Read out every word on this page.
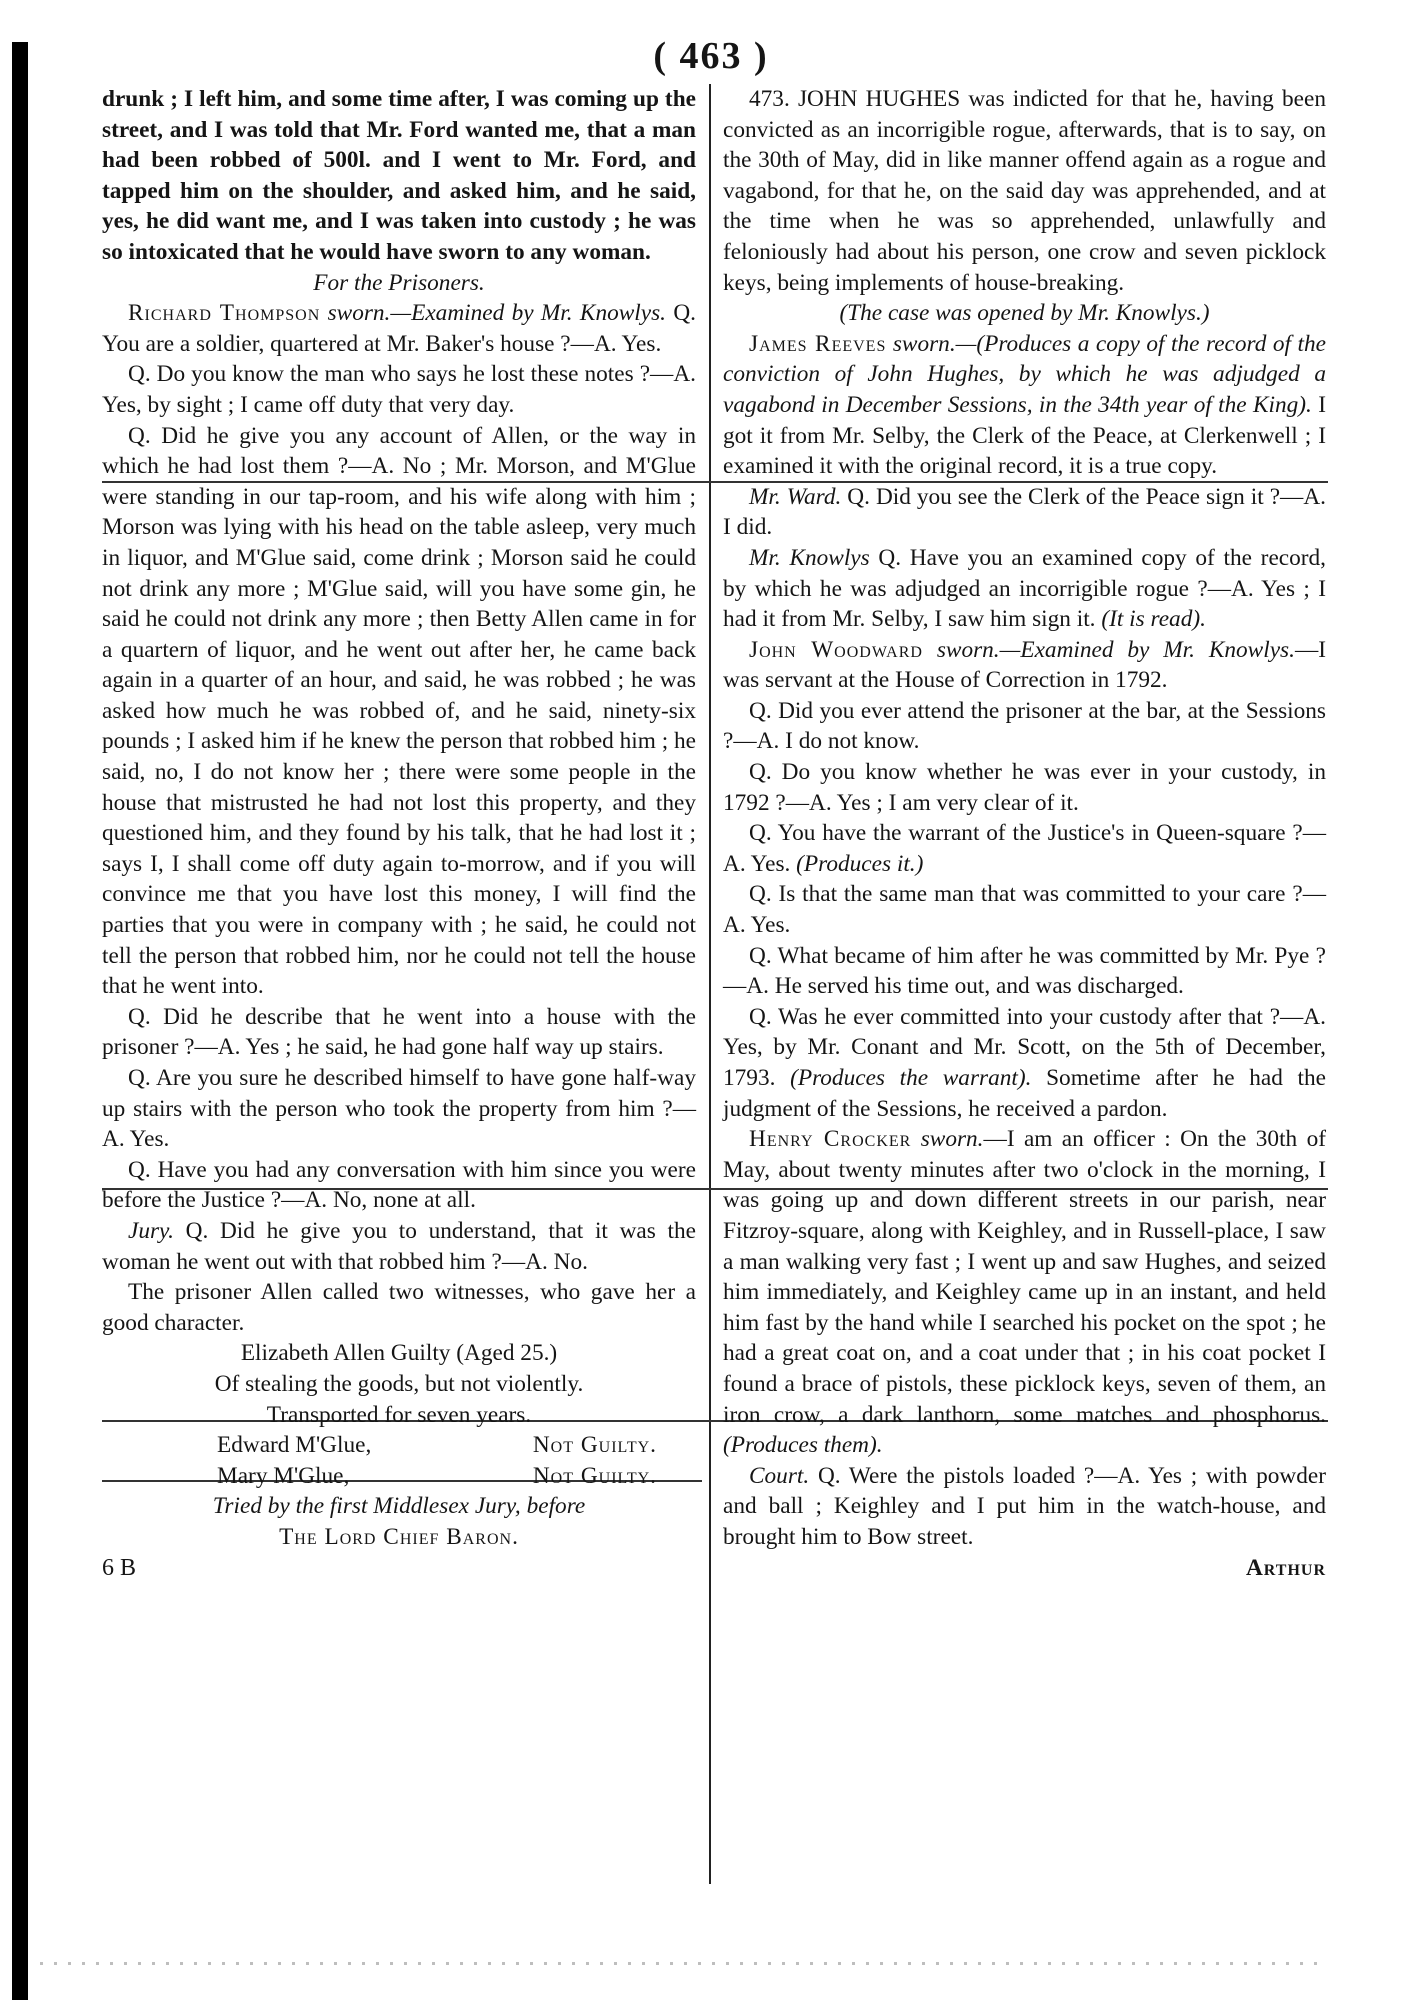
( 463 )

drunk ; I left him, and some time after, I was coming up the street, and I was told that Mr. Ford wanted me, that a man had been robbed of 500l. and I went to Mr. Ford, and tapped him on the shoulder, and asked him, and he said, yes, he did want me, and I was taken into custody ; he was so intoxicated that he would have sworn to any woman.

For the Prisoners.

Richard Thompson sworn.—Examined by Mr. Knowlys. Q. You are a soldier, quartered at Mr. Baker's house ?—A. Yes.

Q. Do you know the man who says he lost these notes ?—A. Yes, by sight ; I came off duty that very day.

Q. Did he give you any account of Allen, or the way in which he had lost them ?—A. No ; Mr. Morson, and M'Glue were standing in our tap-room, and his wife along with him ; Morson was lying with his head on the table asleep, very much in liquor, and M'Glue said, come drink ; Morson said he could not drink any more ; M'Glue said, will you have some gin, he said he could not drink any more ; then Betty Allen came in for a quartern of liquor, and he went out after her, he came back again in a quarter of an hour, and said, he was robbed ; he was asked how much he was robbed of, and he said, ninety-six pounds ; I asked him if he knew the person that robbed him ; he said, no, I do not know her ; there were some people in the house that mistrusted he had not lost this property, and they questioned him, and they found by his talk, that he had lost it ; says I, I shall come off duty again to-morrow, and if you will convince me that you have lost this money, I will find the parties that you were in company with ; he said, he could not tell the person that robbed him, nor he could not tell the house that he went into.

Q. Did he describe that he went into a house with the prisoner ?—A. Yes ; he said, he had gone half way up stairs.

Q. Are you sure he described himself to have gone half-way up stairs with the person who took the property from him ?—A. Yes.

Q. Have you had any conversation with him since you were before the Justice ?—A. No, none at all.

Jury. Q. Did he give you to understand, that it was the woman he went out with that robbed him ?—A. No.

The prisoner Allen called two witnesses, who gave her a good character.

Elizabeth Allen Guilty (Aged 25.)

Of stealing the goods, but not violently.

Transported for seven years.

Edward M'Glue,	Not Guilty.
Mary M'Glue,	Not Guilty.

Tried by the first Middlesex Jury, before

The Lord Chief Baron.

6 B

473. JOHN HUGHES was indicted for that he, having been convicted as an incorrigible rogue, afterwards, that is to say, on the 30th of May, did in like manner offend again as a rogue and vagabond, for that he, on the said day was apprehended, and at the time when he was so apprehended, unlawfully and feloniously had about his person, one crow and seven picklock keys, being implements of house-breaking.

(The case was opened by Mr. Knowlys.)

James Reeves sworn.—(Produces a copy of the record of the conviction of John Hughes, by which he was adjudged a vagabond in December Sessions, in the 34th year of the King). I got it from Mr. Selby, the Clerk of the Peace, at Clerkenwell ; I examined it with the original record, it is a true copy.

Mr. Ward. Q. Did you see the Clerk of the Peace sign it ?—A. I did.

Mr. Knowlys Q. Have you an examined copy of the record, by which he was adjudged an incorrigible rogue ?—A. Yes ; I had it from Mr. Selby, I saw him sign it. (It is read).

John Woodward sworn.—Examined by Mr. Knowlys.—I was servant at the House of Correction in 1792.

Q. Did you ever attend the prisoner at the bar, at the Sessions ?—A. I do not know.

Q. Do you know whether he was ever in your custody, in 1792 ?—A. Yes ; I am very clear of it.

Q. You have the warrant of the Justice's in Queen-square ?—A. Yes. (Produces it.)

Q. Is that the same man that was committed to your care ?—A. Yes.

Q. What became of him after he was committed by Mr. Pye ?—A. He served his time out, and was discharged.

Q. Was he ever committed into your custody after that ?—A. Yes, by Mr. Conant and Mr. Scott, on the 5th of December, 1793. (Produces the warrant). Sometime after he had the judgment of the Sessions, he received a pardon.

Henry Crocker sworn.—I am an officer : On the 30th of May, about twenty minutes after two o'clock in the morning, I was going up and down different streets in our parish, near Fitzroy-square, along with Keighley, and in Russell-place, I saw a man walking very fast ; I went up and saw Hughes, and seized him immediately, and Keighley came up in an instant, and held him fast by the hand while I searched his pocket on the spot ; he had a great coat on, and a coat under that ; in his coat pocket I found a brace of pistols, these picklock keys, seven of them, an iron crow, a dark lanthorn, some matches and phosphorus. (Produces them).

Court. Q. Were the pistols loaded ?—A. Yes ; with powder and ball ; Keighley and I put him in the watch-house, and brought him to Bow street.

Arthur
